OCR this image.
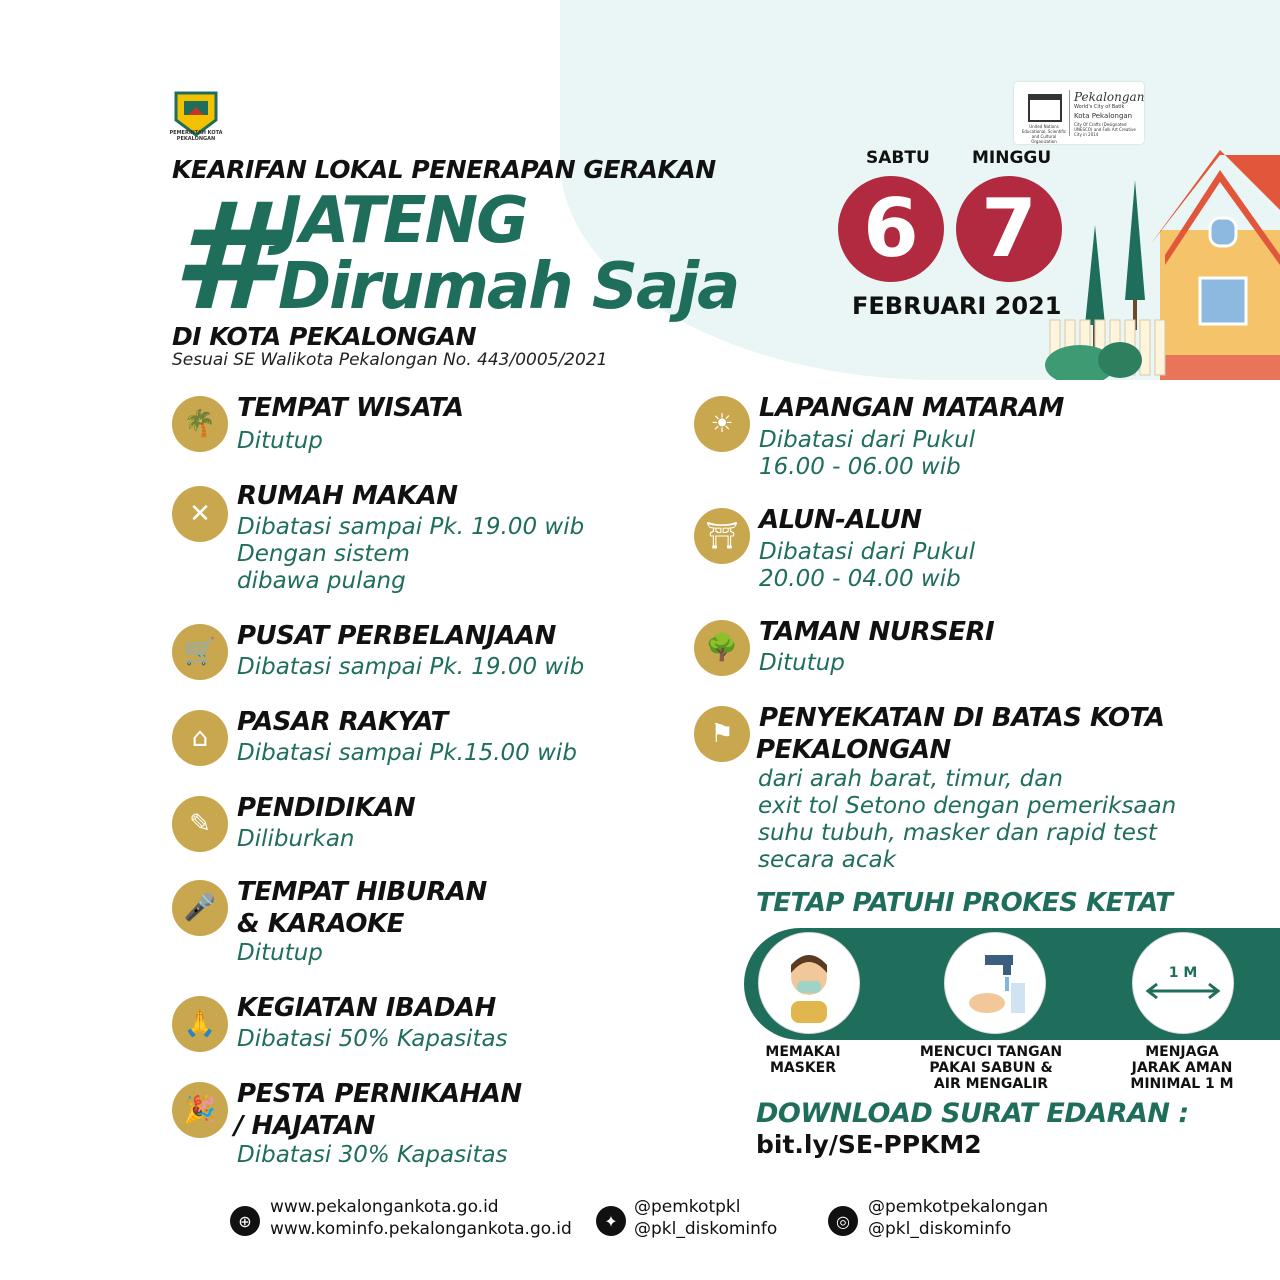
PEMERINTAH KOTA PEKALONGAN
Pekalongan
World's City of Batik
Kota Pekalongan
United Nations Educational, Scientific and Cultural Organization
City Of Crafts (Designated UNESCO) and Folk Art Creative City in 2014
KEARIFAN LOKAL PENERAPAN GERAKAN
# JATENG
Dirumah Saja
DI KOTA PEKALONGAN
Sesuai SE Walikota Pekalongan No. 443/0005/2021
SABTU MINGGU
6 7
FEBRUARI 2021
🌴
TEMPAT WISATA
Ditutup
✕
RUMAH MAKAN
Dibatasi sampai Pk. 19.00 wib
Dengan sistem
dibawa pulang
🛒
PUSAT PERBELANJAAN
Dibatasi sampai Pk. 19.00 wib
⌂
PASAR RAKYAT
Dibatasi sampai Pk.15.00 wib
✎
PENDIDIKAN
Diliburkan
🎤
TEMPAT HIBURAN
& KARAOKE
Ditutup
🙏
KEGIATAN IBADAH
Dibatasi 50% Kapasitas
🎉
PESTA PERNIKAHAN
/ HAJATAN
Dibatasi 30% Kapasitas
☀
LAPANGAN MATARAM
Dibatasi dari Pukul
16.00 - 06.00 wib
⛩
ALUN-ALUN
Dibatasi dari Pukul
20.00 - 04.00 wib
🌳
TAMAN NURSERI
Ditutup
⚑
PENYEKATAN DI BATAS KOTA
PEKALONGAN
dari arah barat, timur, dan
exit tol Setono dengan pemeriksaan
suhu tubuh, masker dan rapid test
secara acak
TETAP PATUHI PROKES KETAT
1 M
MEMAKAI
MASKER
MENCUCI TANGAN
PAKAI SABUN &
AIR MENGALIR
MENJAGA
JARAK AMAN
MINIMAL 1 M
DOWNLOAD SURAT EDARAN :
bit.ly/SE-PPKM2
⊕
www.pekalongankota.go.id
www.kominfo.pekalongankota.go.id	✦
@pemkotpkl
@pkl_diskominfo	◎
@pemkotpekalongan
@pkl_diskominfo
